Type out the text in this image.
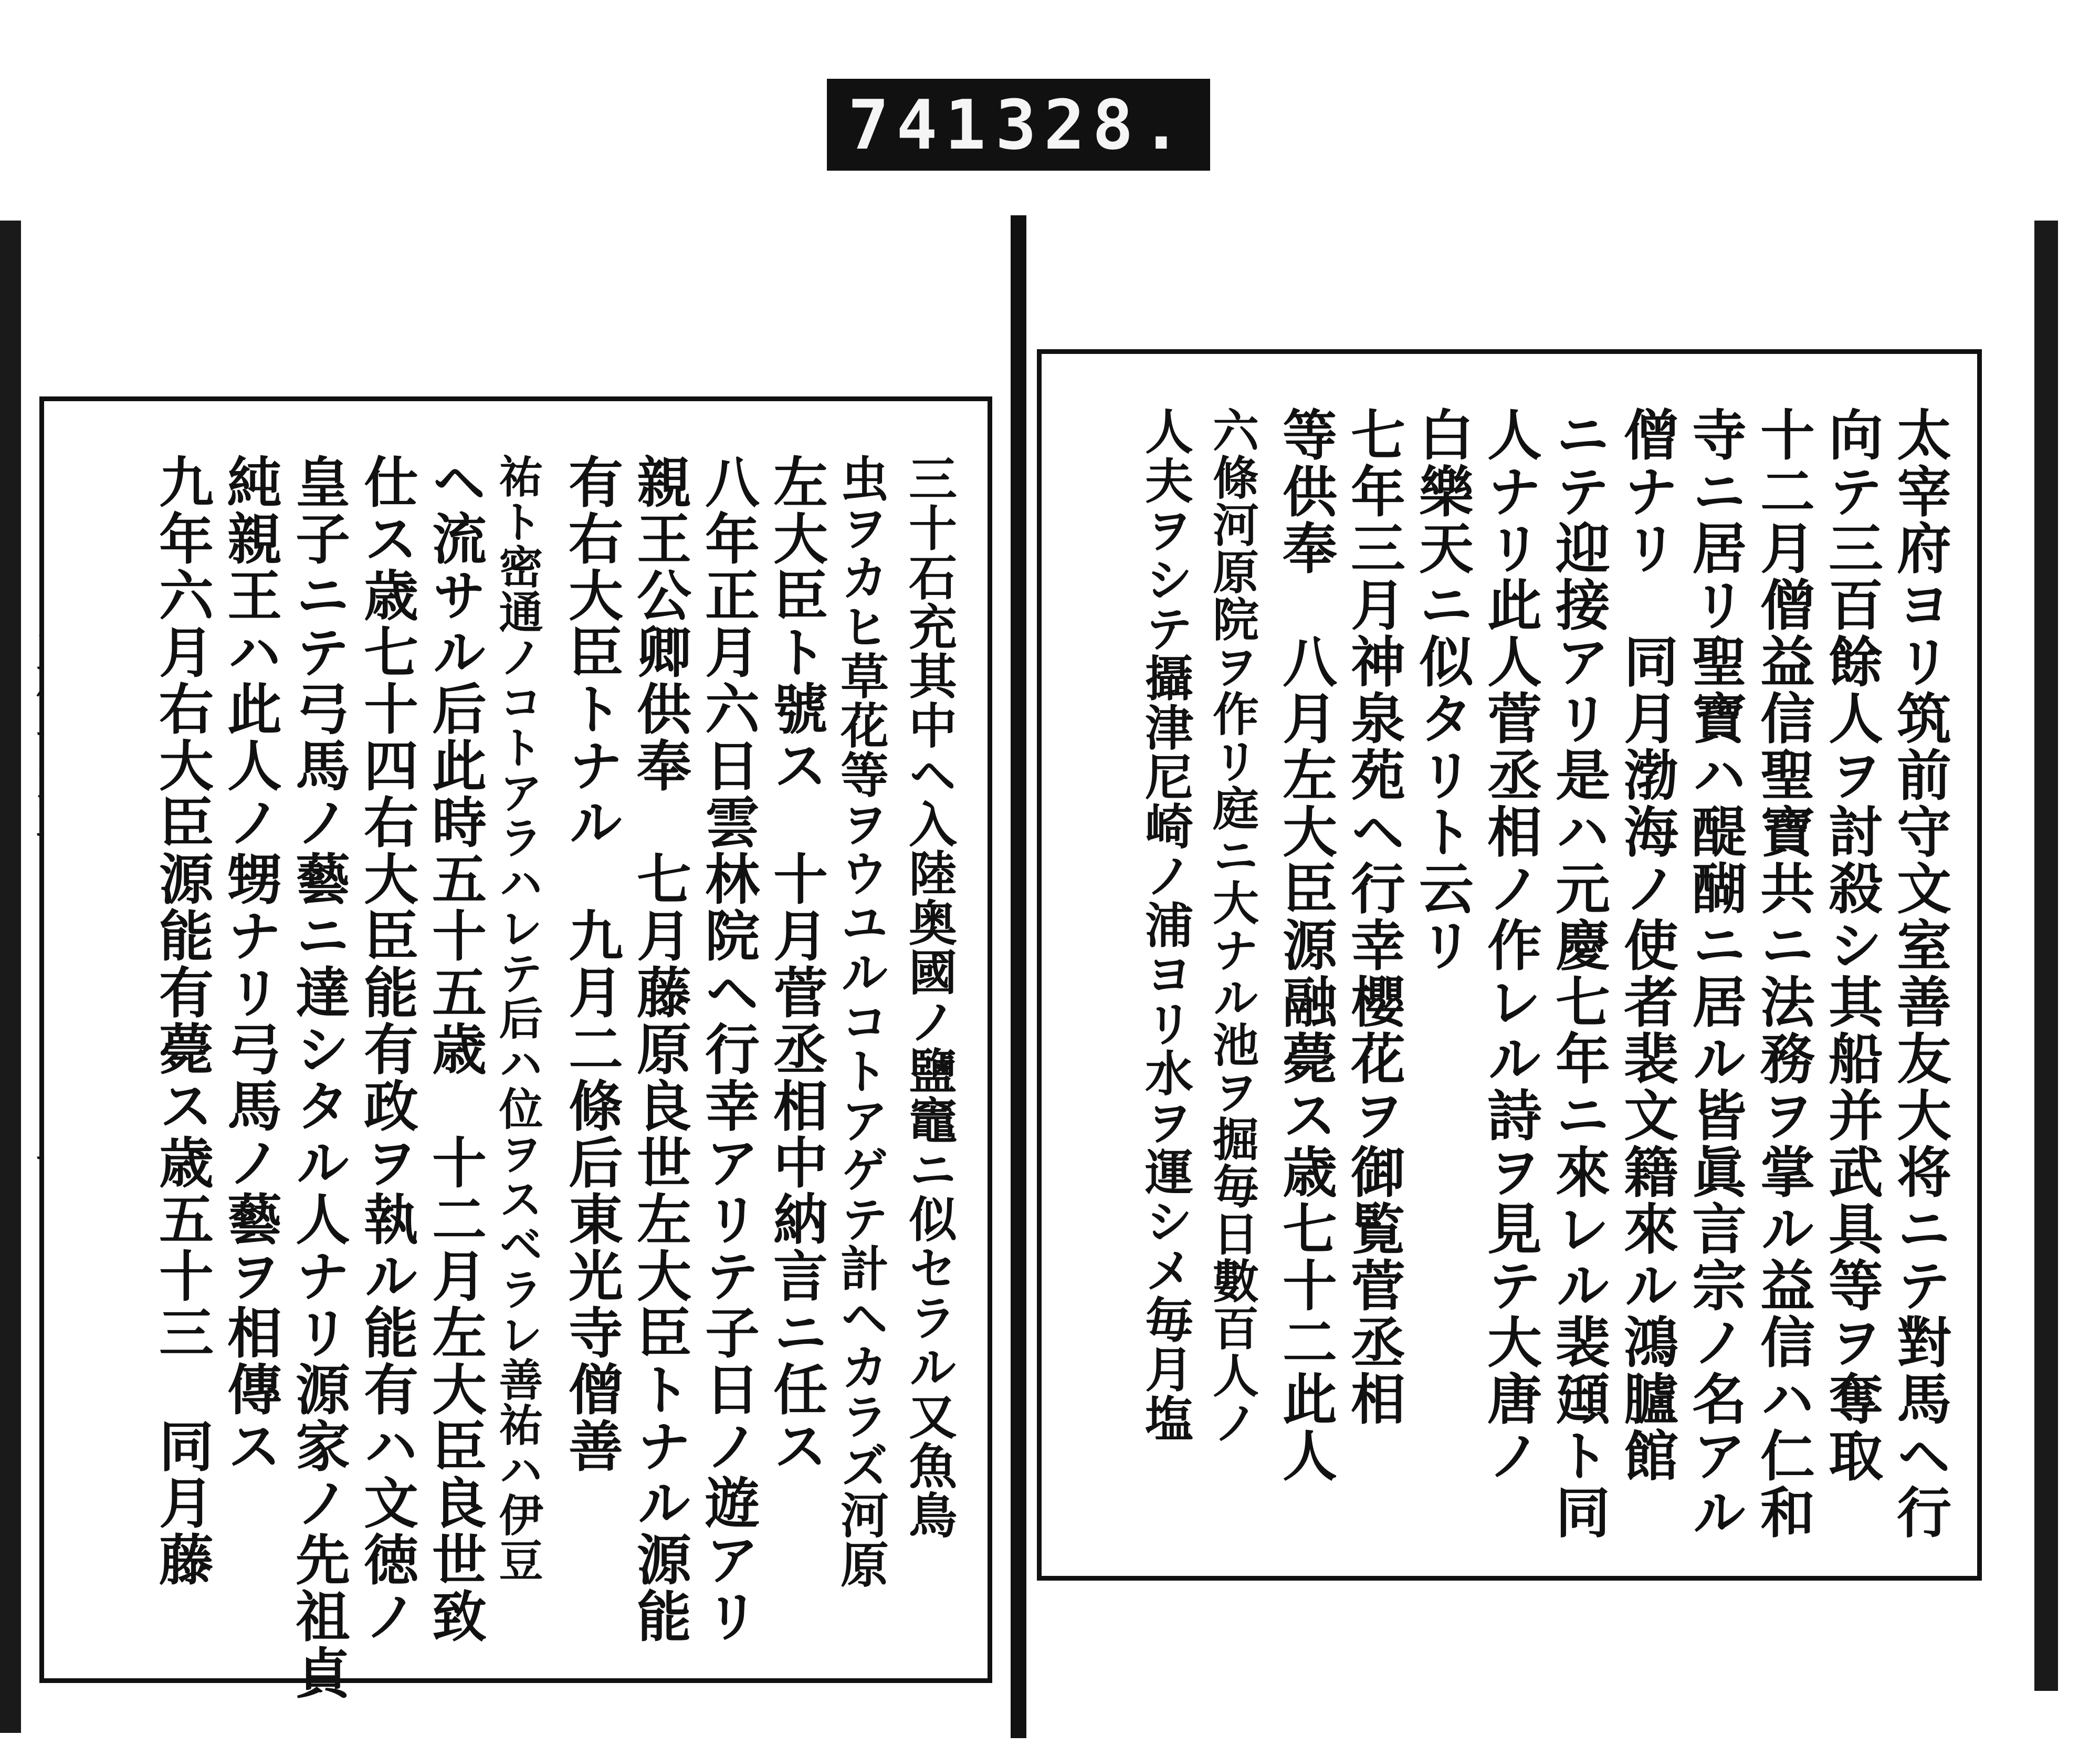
741 328.
太宰府ヨリ筑前守文室善友大将ニテ對馬ヘ行
向テ三百餘人ヲ討殺シ其船并武具等ヲ奪取
十二月僧益信聖寶共ニ法務ヲ掌ル益信ハ仁和
寺ニ居リ聖寶ハ醍醐ニ居ル皆眞言宗ノ名アル
僧ナリ　同月渤海ノ使者裴文籍來ル鴻臚館
ニテ迎接アリ是ハ元慶七年ニ來レル裴頲ト同
人ナリ此人菅丞相ノ作レル詩ヲ見テ大唐ノ
白樂天ニ似タリト云リ
七年三月神泉苑ヘ行幸櫻花ヲ御覧菅丞相
等供奉　八月左大臣源融薨ス歳七十二此人
六條河原院ヲ作リ庭ニ大ナル池ヲ掘毎日數百人ノ
人夫ヲシテ攝津尼崎ノ浦ヨリ水ヲ運シメ毎月塩
三十石充其中ヘ入陸奥國ノ鹽竈ニ似セラル又魚鳥
虫ヲカヒ草花等ヲウユルコトアゲテ計ヘカラズ河原
左大臣ト號ス　十月菅丞相中納言ニ任ス
八年正月六日雲林院ヘ行幸アリテ子日ノ遊アリ
親王公卿供奉　七月藤原良世左大臣トナル源能
有右大臣トナル　九月二條后東光寺僧善
祐ト密通ノコトアラハレテ后ハ位ヲスベラレ善祐ハ伊豆
ヘ流サル后此時五十五歳　十二月左大臣良世致
仕ス歳七十四右大臣能有政ヲ執ル能有ハ文徳ノ
皇子ニテ弓馬ノ藝ニ達シタル人ナリ源家ノ先祖貞
純親王ハ此人ノ甥ナリ弓馬ノ藝ヲ相傳ス
九年六月右大臣源能有薨ス歳五十三　同月藤
